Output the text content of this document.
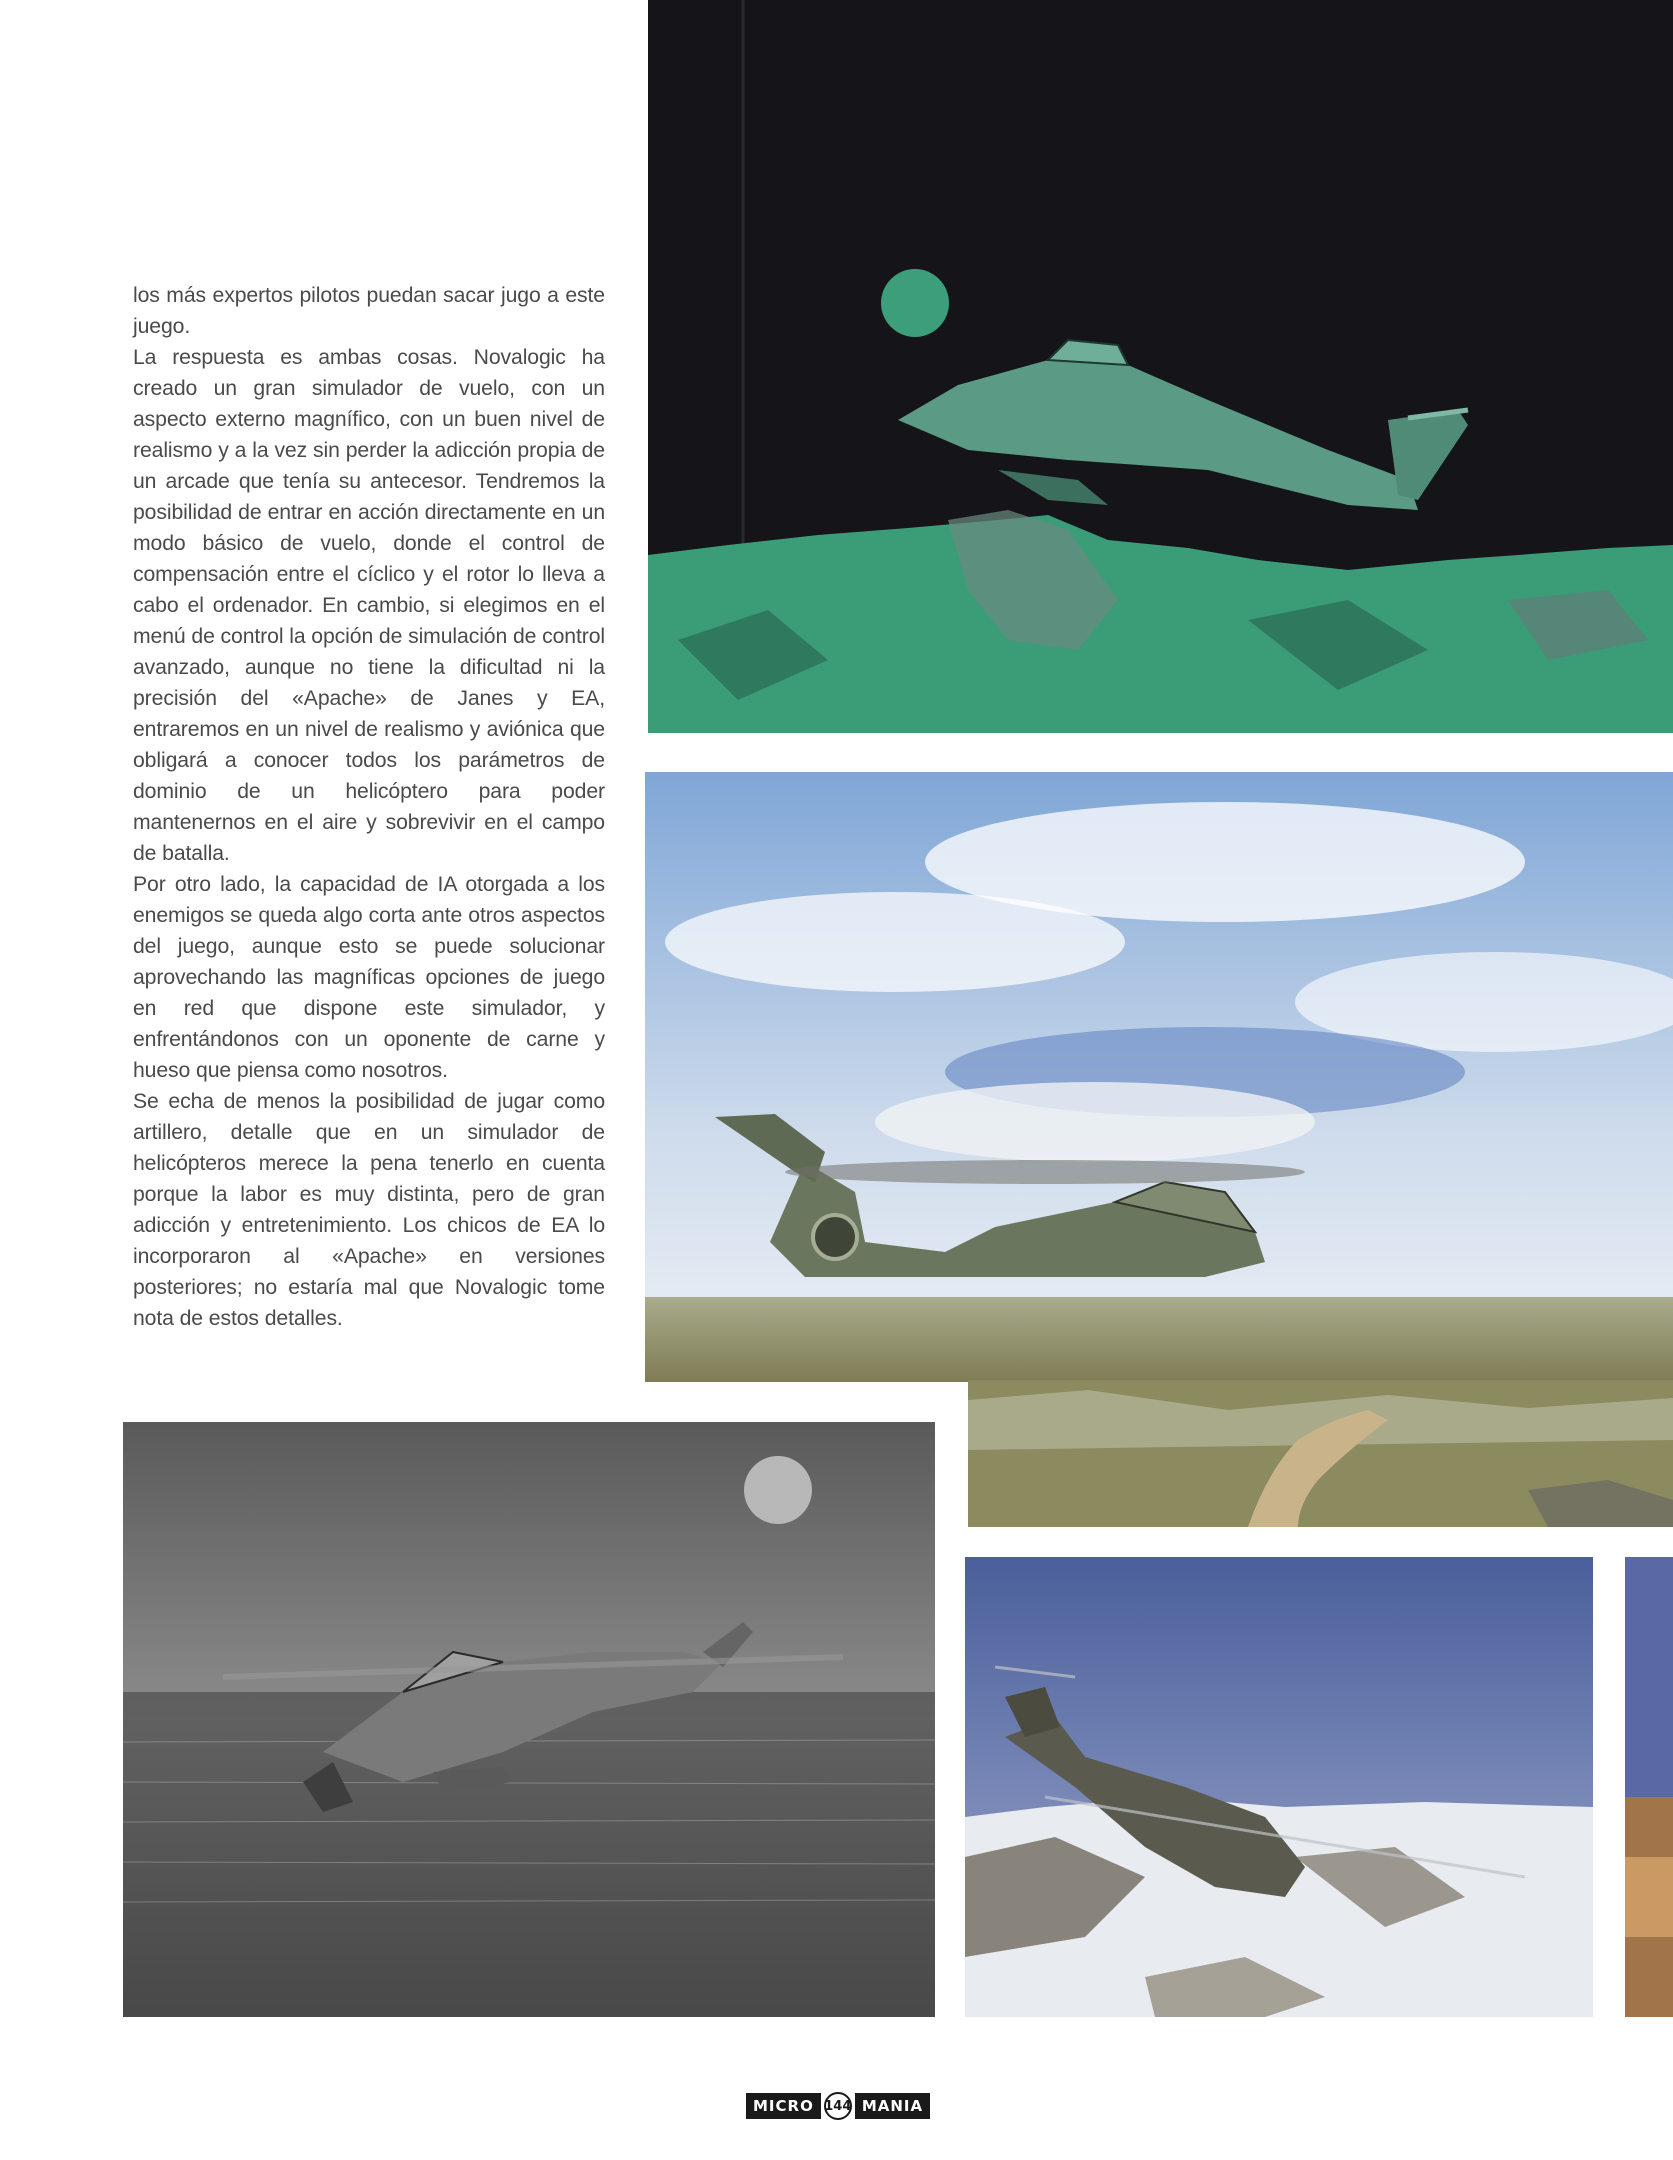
los más expertos pilotos puedan sacar jugo a este juego.

La respuesta es ambas cosas. Novalogic ha creado un gran simulador de vuelo, con un aspecto externo magnífico, con un buen nivel de realismo y a la vez sin perder la adicción propia de un arcade que tenía su antecesor. Tendremos la posibilidad de entrar en acción directamente en un modo básico de vuelo, donde el control de compensación entre el cíclico y el rotor lo lleva a cabo el ordenador. En cambio, si elegimos en el menú de control la opción de simulación de control avanzado, aunque no tiene la dificultad ni la precisión del «Apache» de Janes y EA, entraremos en un nivel de realismo y aviónica que obligará a conocer todos los parámetros de dominio de un helicóptero para poder mantenernos en el aire y sobrevivir en el campo de batalla.

Por otro lado, la capacidad de IA otorgada a los enemigos se queda algo corta ante otros aspectos del juego, aunque esto se puede solucionar aprovechando las magníficas opciones de juego en red que dispone este simulador, y enfrentándonos con un oponente de carne y hueso que piensa como nosotros.

Se echa de menos la posibilidad de jugar como artillero, detalle que en un simulador de helicópteros merece la pena tenerlo en cuenta porque la labor es muy distinta, pero de gran adicción y entretenimiento. Los chicos de EA lo incorporaron al «Apache» en versiones posteriores; no estaría mal que Novalogic tome nota de estos detalles.

MICRO 144 MANIA
